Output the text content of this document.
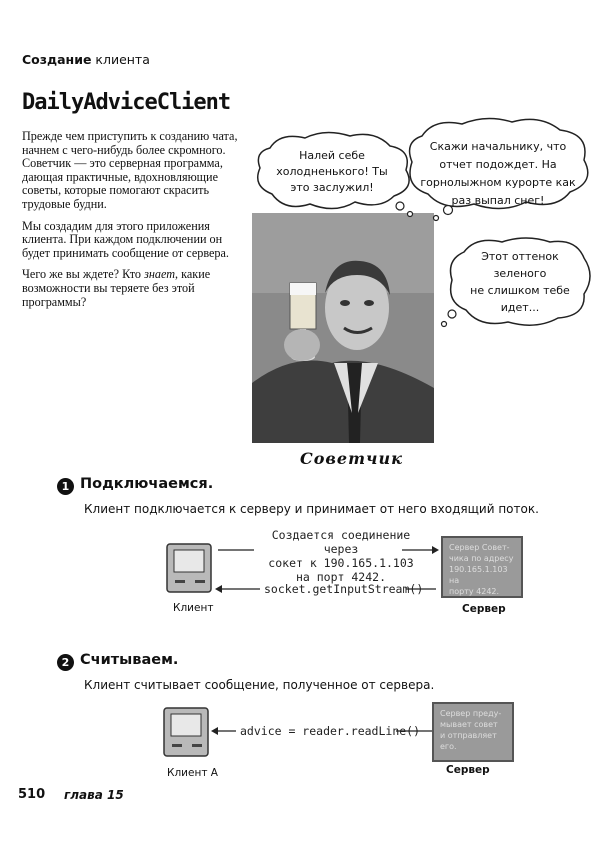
Создание клиента
DailyAdviceClient

Прежде чем приступить к созданию чата, начнем с чего-нибудь более скромного. Советчик — это серверная программа, дающая практичные, вдохновляющие советы, которые помогают скрасить трудовые будни.

Мы создадим для этого приложения клиента. При каждом подключении он будет принимать сообщение от сервера.

Чего же вы ждете? Кто знает, какие возможности вы теряете без этой программы?

Налей себе
холодненького! Ты
это заслужил!
Скажи начальнику, что
отчет подождет. На
горнолыжном курорте как
раз выпал снег!
Этот оттенок
зеленого
не слишком тебе
идет...
Советчик
1 Подключаемся.
Клиент подключается к серверу и принимает от него входящий поток.
Клиент
Создается соединение через
сокет к 190.165.1.103
на порт 4242.
socket.getInputStream()
Сервер Совет-
чика по адресу
190.165.1.103 на
порту 4242.
Сервер
2 Считываем.
Клиент считывает сообщение, полученное от сервера.
Клиент А
advice = reader.readLine()
Сервер преду-
мывает совет
и отправляет
его.
Сервер
510 глава 15
